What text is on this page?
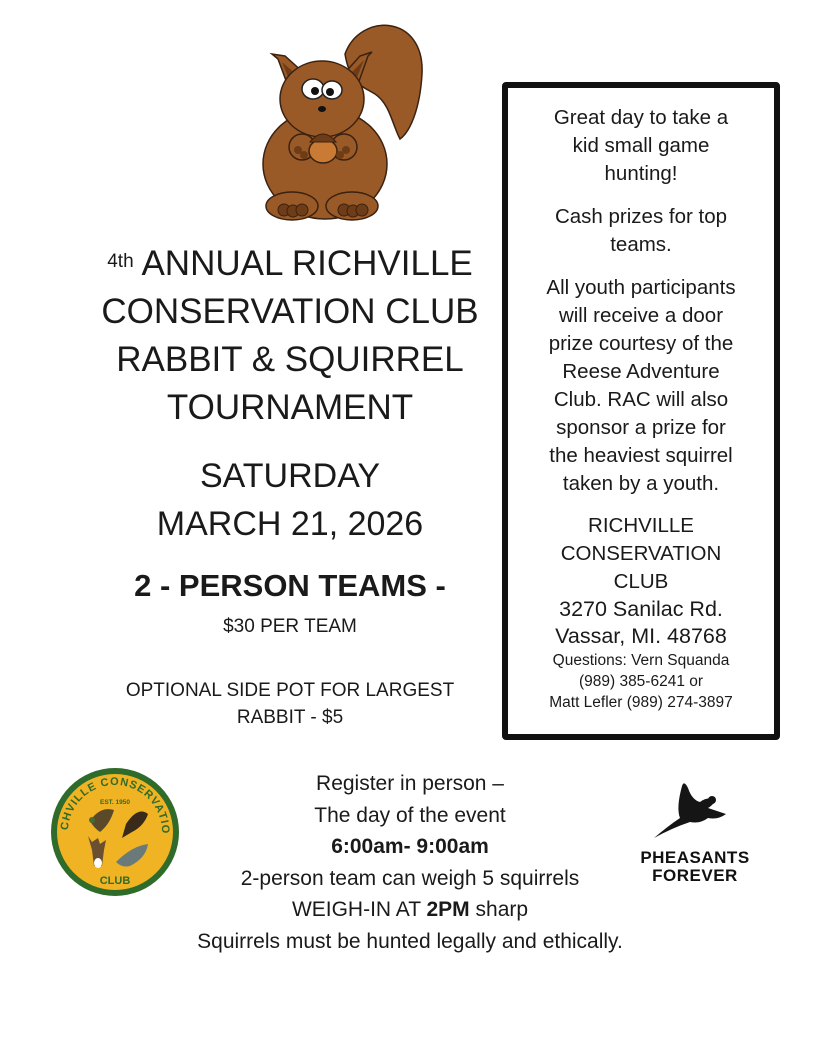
$^{4th}$ ANNUAL RICHVILLE
CONSERVATION CLUB
RABBIT & SQUIRREL
TOURNAMENT
SATURDAY
MARCH 21, 2026
2 - PERSON TEAMS -
$30 PER TEAM
OPTIONAL SIDE POT FOR LARGEST
RABBIT - $5
Great day to take a
kid small game
hunting!
Cash prizes for top
teams.
All youth participants
will receive a door
prize courtesy of the
Reese Adventure
Club. RAC will also
sponsor a prize for
the heaviest squirrel
taken by a youth.
RICHVILLE
CONSERVATION
CLUB
3270 Sanilac Rd.
Vassar, MI. 48768
Questions: Vern Squanda
(989) 385-6241 or
Matt Lefler (989) 274-3897
CHVILLE CONSERVATIO
EST. 1950
CLUB
Register in person –
The day of the event
6:00am- 9:00am
2-person team can weigh 5 squirrels
WEIGH-IN AT 2PM sharp
Squirrels must be hunted legally and ethically.
PHEASANTS
FOREVER
